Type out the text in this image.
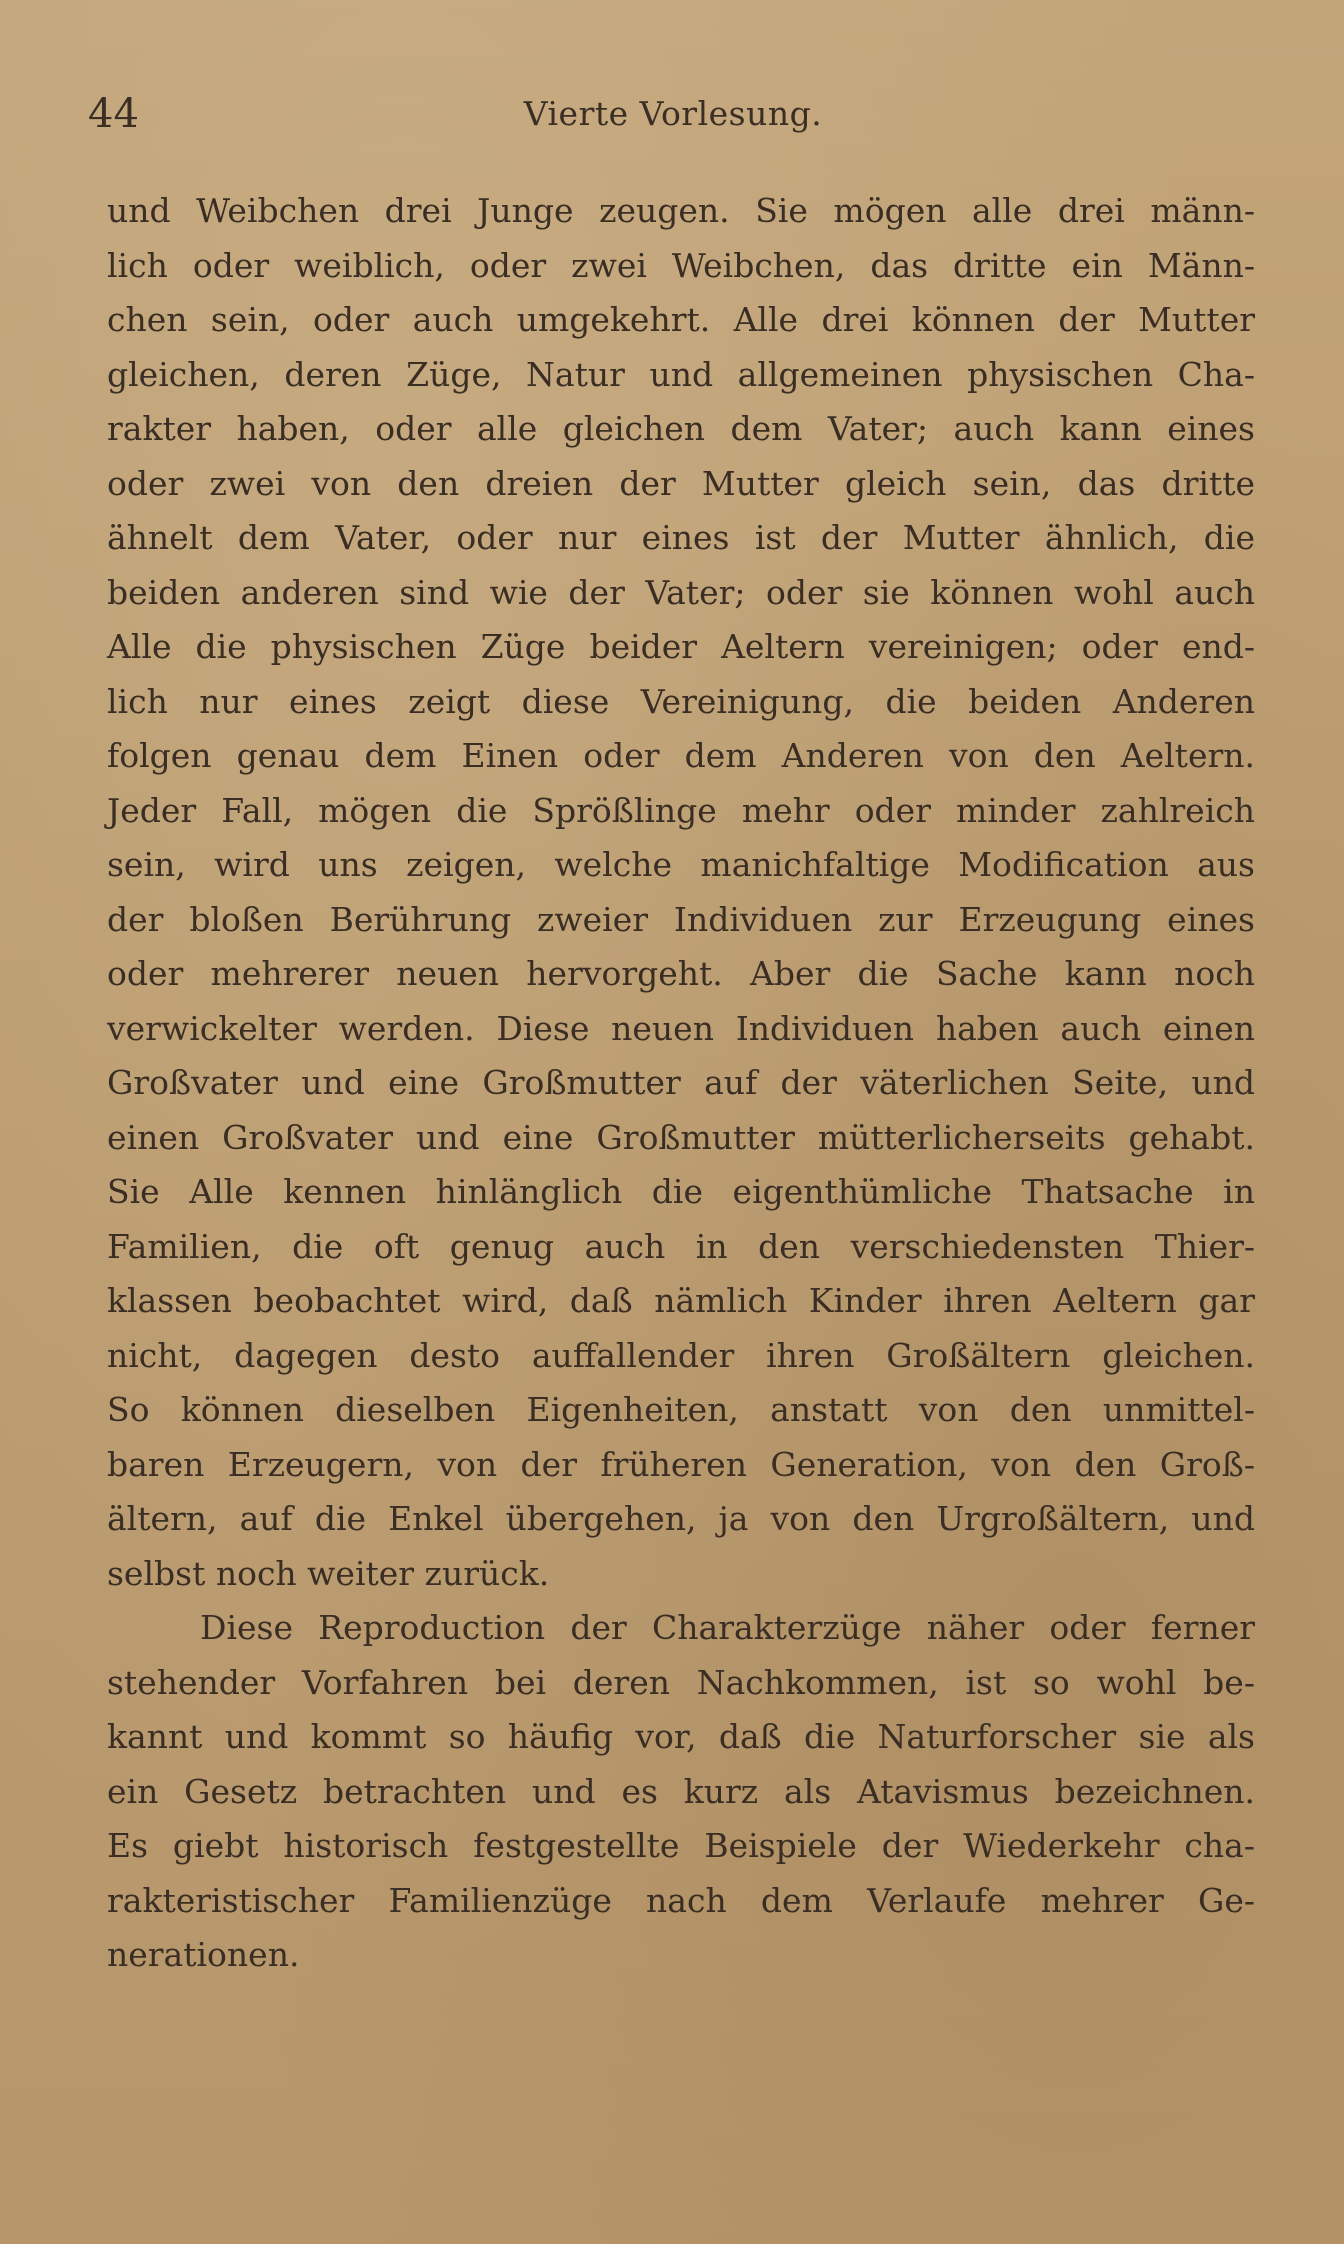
44	Vierte Vorlesung.
und Weibchen drei Junge zeugen. Sie mögen alle drei männ-
lich oder weiblich, oder zwei Weibchen, das dritte ein Männ-
chen sein, oder auch umgekehrt. Alle drei können der Mutter
gleichen, deren Züge, Natur und allgemeinen physischen Cha-
rakter haben, oder alle gleichen dem Vater; auch kann eines
oder zwei von den dreien der Mutter gleich sein, das dritte
ähnelt dem Vater, oder nur eines ist der Mutter ähnlich, die
beiden anderen sind wie der Vater; oder sie können wohl auch
Alle die physischen Züge beider Aeltern vereinigen; oder end-
lich nur eines zeigt diese Vereinigung, die beiden Anderen
folgen genau dem Einen oder dem Anderen von den Aeltern.
Jeder Fall, mögen die Sprößlinge mehr oder minder zahlreich
sein, wird uns zeigen, welche manichfaltige Modification aus
der bloßen Berührung zweier Individuen zur Erzeugung eines
oder mehrerer neuen hervorgeht. Aber die Sache kann noch
verwickelter werden. Diese neuen Individuen haben auch einen
Großvater und eine Großmutter auf der väterlichen Seite, und
einen Großvater und eine Großmutter mütterlicherseits gehabt.
Sie Alle kennen hinlänglich die eigenthümliche Thatsache in
Familien, die oft genug auch in den verschiedensten Thier-
klassen beobachtet wird, daß nämlich Kinder ihren Aeltern gar
nicht, dagegen desto auffallender ihren Großältern gleichen.
So können dieselben Eigenheiten, anstatt von den unmittel-
baren Erzeugern, von der früheren Generation, von den Groß-
ältern, auf die Enkel übergehen, ja von den Urgroßältern, und
selbst noch weiter zurück.
Diese Reproduction der Charakterzüge näher oder ferner
stehender Vorfahren bei deren Nachkommen, ist so wohl be-
kannt und kommt so häufig vor, daß die Naturforscher sie als
ein Gesetz betrachten und es kurz als Atavismus bezeichnen.
Es giebt historisch festgestellte Beispiele der Wiederkehr cha-
rakteristischer Familienzüge nach dem Verlaufe mehrer Ge-
nerationen.
